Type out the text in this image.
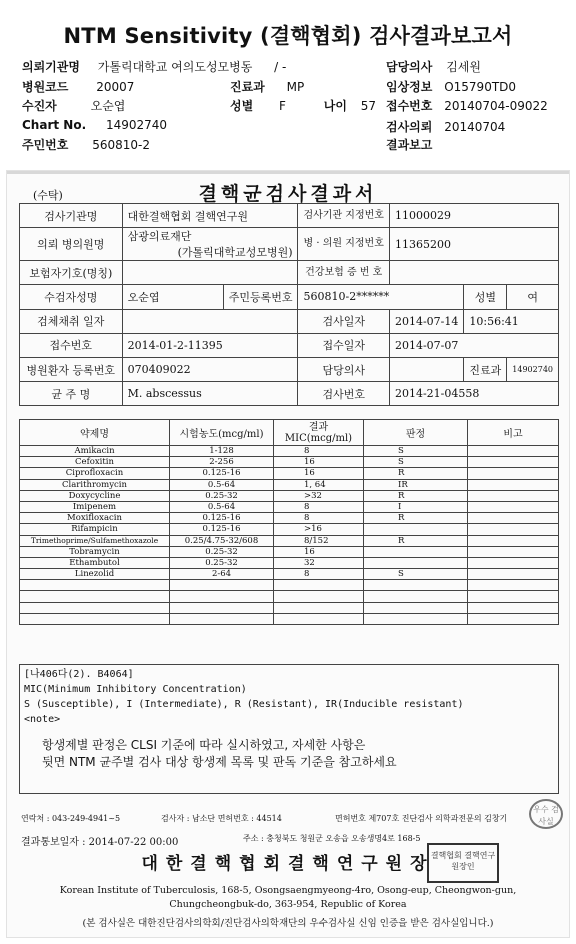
NTM Sensitivity (결핵협회) 검사결과보고서
의뢰기관명 가톨릭대학교 여의도성모병동 / -	담당의사 김세원
병원코드 20007	진료과 MP	임상정보 O15790TD0
수진자	오순엽	성별 F	나이 57 접수번호 20140704-09022
Chart No. 14902740	검사의뢰 20140704
주민번호 560810-2	결과보고
(수탁)	결핵균검사결과서
검사기관명	대한결핵협회 결핵연구원		검사기관 지정번호	11000029		
의뢰 병의원명	삼광의료재단
(가톨릭대학교성모병원)		병 · 의원 지정번호	11365200		
보험자기호(명칭)			건강보험 증 번 호			
수검자성명	오순엽	주민등록번호	560810-2******		성별	여
검체채취 일자			검사일자	2014-07-14	10:56:41	
접수번호	2014-01-2-11395		접수일자	2014-07-07		
병원환자 등록번호	070409022		담당의사		진료과	14902740
균 주 명	M. abscessus		검사번호	2014-21-04558		
약제명	시험농도(mcg/ml)	결과 MIC(mcg/ml)	판정	비고
Amikacin	1-128	8	S	
Cefoxitin	2-256	16	S	
Ciprofloxacin	0.125-16	16	R	
Clarithromycin	0.5-64	1, 64	IR	
Doxycycline	0.25-32	>32	R	
Imipenem	0.5-64	8	I	
Moxifloxacin	0.125-16	8	R	
Rifampicin	0.125-16	>16		
Trimethoprime/Sulfamethoxazole	0.25/4.75-32/608	8/152	R	
Tobramycin	0.25-32	16		
Ethambutol	0.25-32	32		
Linezolid	2-64	8	S	

[나406다(2). B4064]
MIC(Minimum Inhibitory Concentration)
S (Susceptible), I (Intermediate), R (Resistant), IR(Inducible resistant)
<note>
항생제별 판정은 CLSI 기준에 따라 실시하였고, 자세한 사항은
뒷면 NTM 균주별 검사 대상 항생제 목록 및 판독 기준을 참고하세요
연락처 : 043-249-4941~5	검사자 : 남소단 면허번호 : 44514	면허번호 제707호 진단검사 의학과전문의 김창기
우수 검사실
결과통보일자 : 2014-07-22 00:00	주소 : 충청북도 청원군 오송읍 오송생명4로 168-5
대한결핵협회결핵연구원장
결핵협회 결핵연구 원장인
Korean Institute of Tuberculosis, 168-5, Osongsaengmyeong-4ro, Osong-eup, Cheongwon-gun,
Chungcheongbuk-do, 363-954, Republic of Korea
(본 검사실은 대한진단검사의학회/진단검사의학재단의 우수검사실 신임 인증을 받은 검사실입니다.)
